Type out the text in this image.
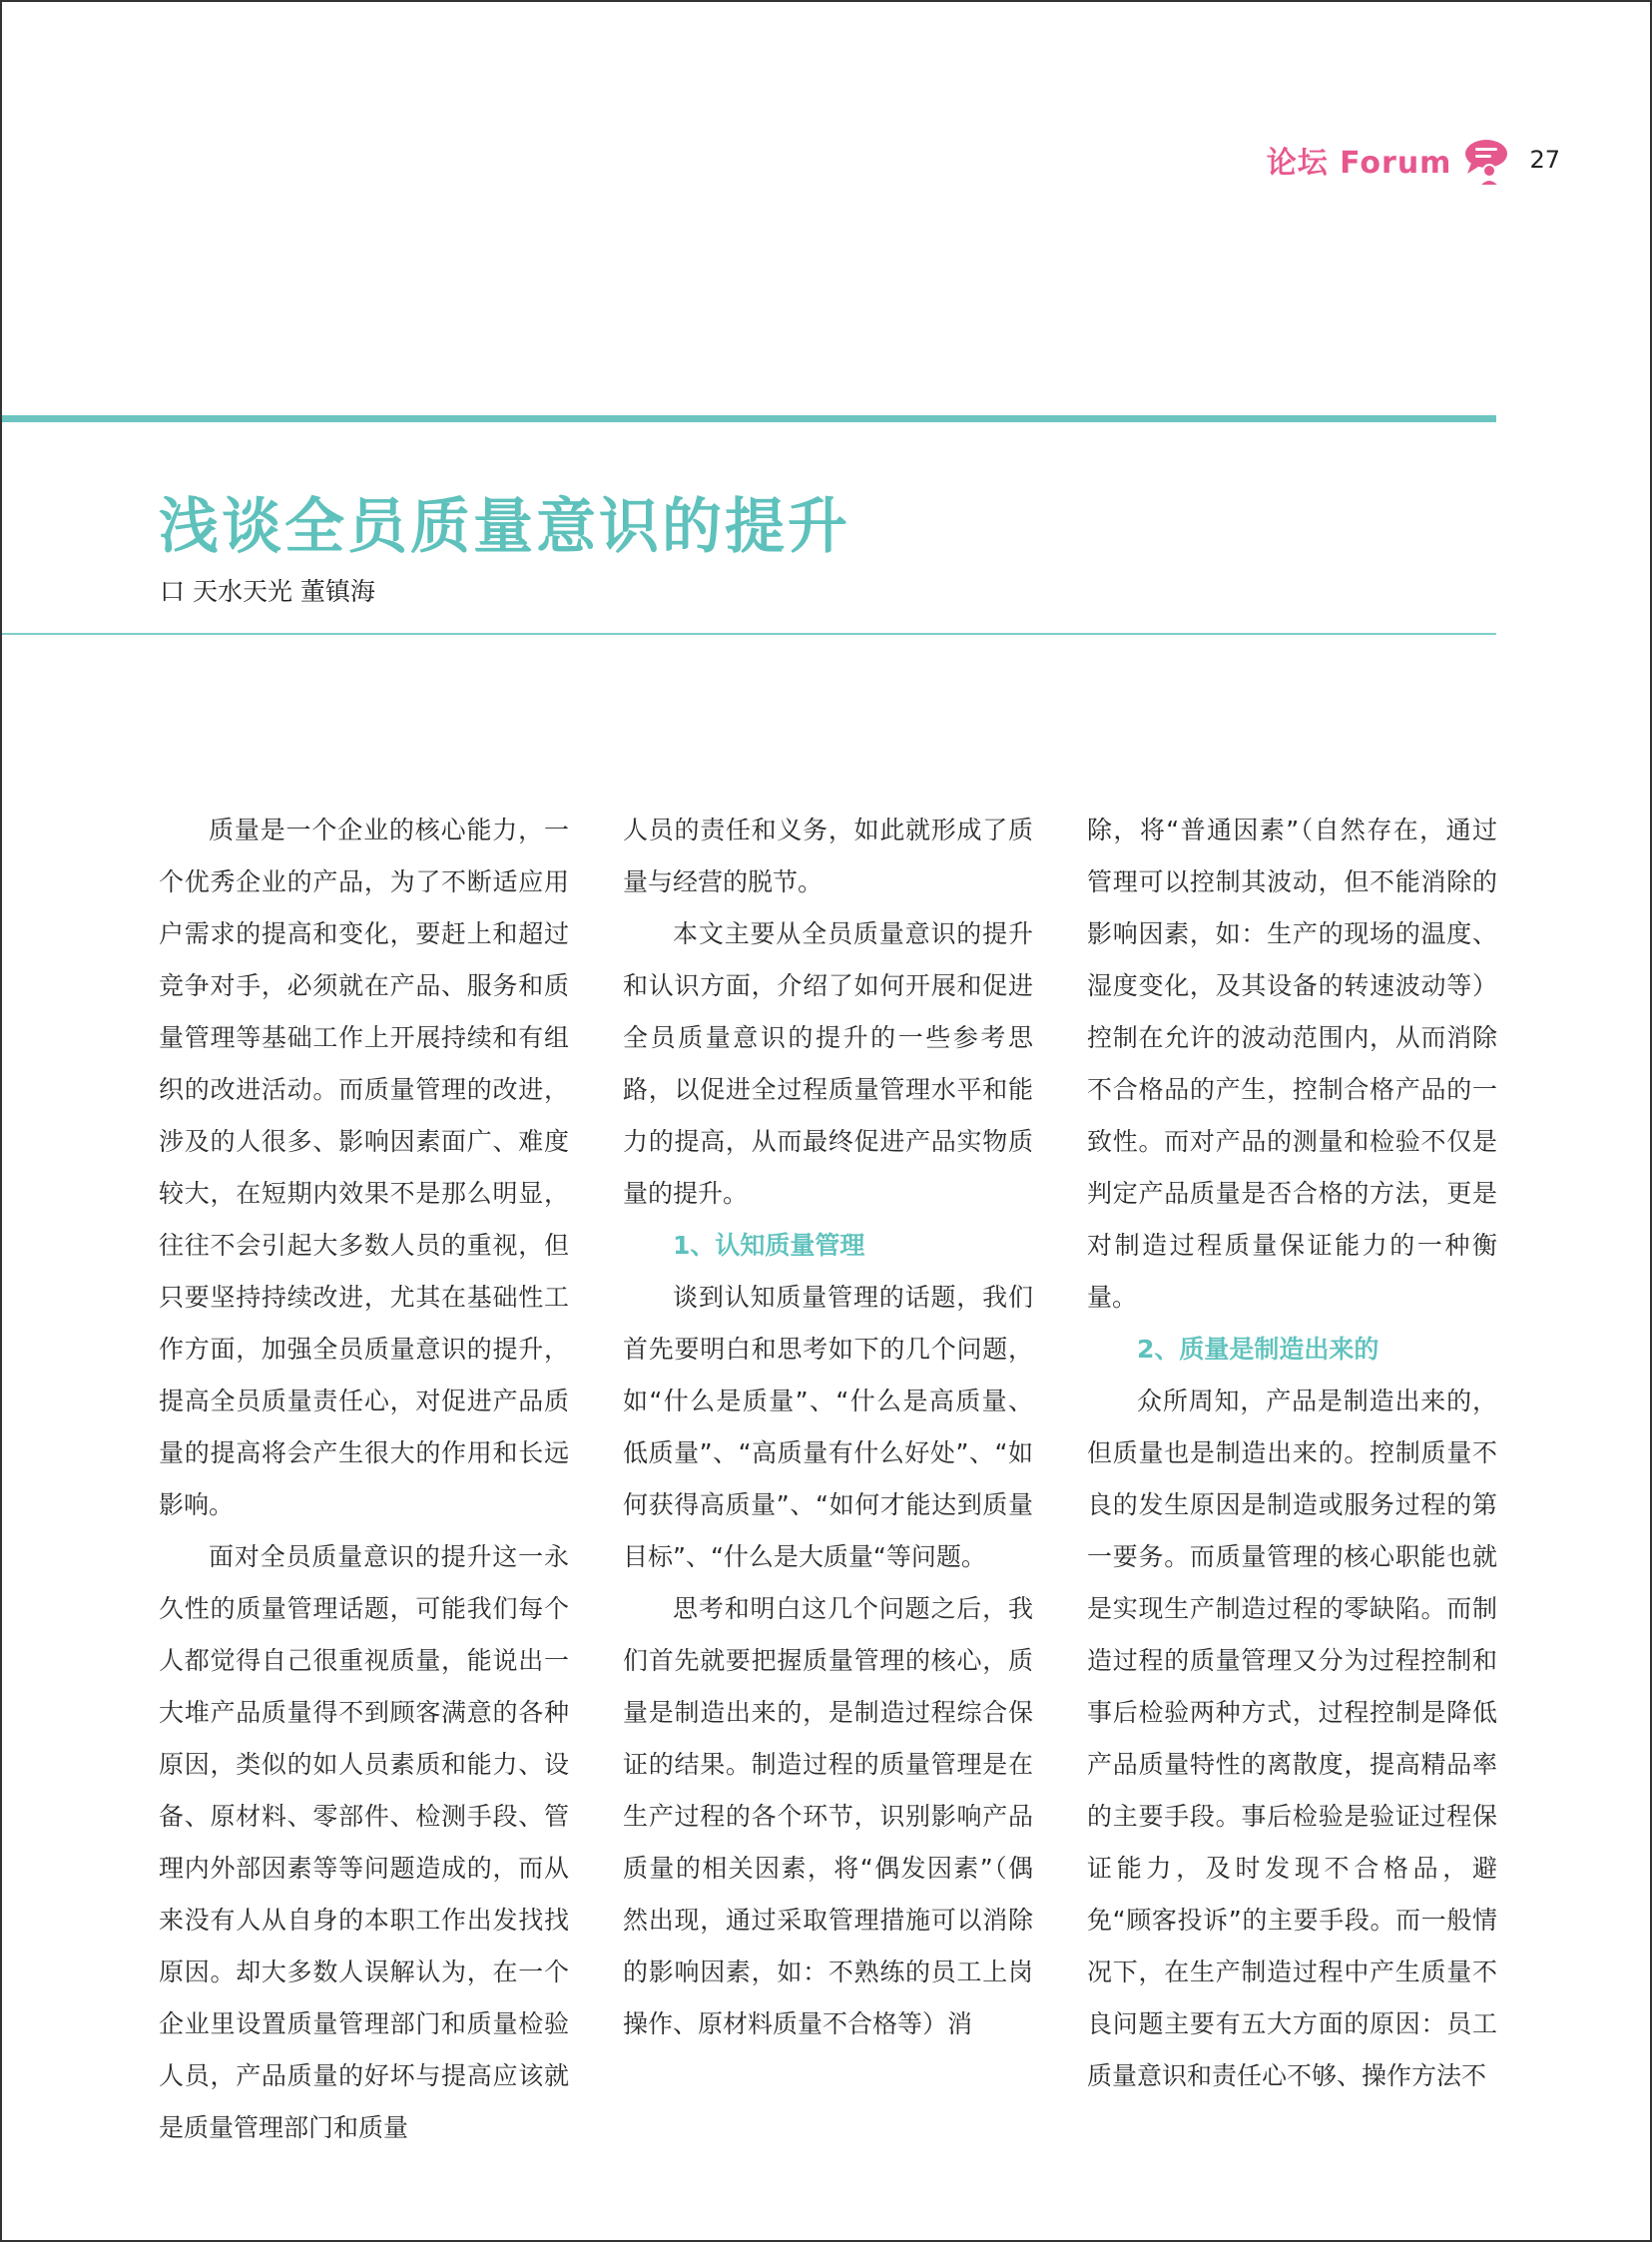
论坛 Forum	27
浅谈全员质量意识的提升
口 天水天光 董镇海

质量是一个企业的核心能力，一个优秀企业的产品，为了不断适应用户需求的提高和变化，要赶上和超过竞争对手，必须就在产品、服务和质量管理等基础工作上开展持续和有组织的改进活动。而质量管理的改进，涉及的人很多、影响因素面广、难度较大，在短期内效果不是那么明显，往往不会引起大多数人员的重视，但只要坚持持续改进，尤其在基础性工作方面，加强全员质量意识的提升，提高全员质量责任心，对促进产品质量的提高将会产生很大的作用和长远影响。

面对全员质量意识的提升这一永久性的质量管理话题，可能我们每个人都觉得自己很重视质量，能说出一大堆产品质量得不到顾客满意的各种原因，类似的如人员素质和能力、设备、原材料、零部件、检测手段、管理内外部因素等等问题造成的，而从来没有人从自身的本职工作出发找找原因。却大多数人误解认为，在一个企业里设置质量管理部门和质量检验人员，产品质量的好坏与提高应该就是质量管理部门和质量

人员的责任和义务，如此就形成了质量与经营的脱节。

本文主要从全员质量意识的提升和认识方面，介绍了如何开展和促进全员质量意识的提升的一些参考思路，以促进全过程质量管理水平和能力的提高，从而最终促进产品实物质量的提升。

1、认知质量管理

谈到认知质量管理的话题，我们首先要明白和思考如下的几个问题，如“什么是质量”、“什么是高质量、低质量”、“高质量有什么好处”、“如何获得高质量”、“如何才能达到质量目标”、“什么是大质量“等问题。

思考和明白这几个问题之后，我们首先就要把握质量管理的核心，质量是制造出来的，是制造过程综合保证的结果。制造过程的质量管理是在生产过程的各个环节，识别影响产品质量的相关因素，将“偶发因素”（偶然出现，通过采取管理措施可以消除的影响因素，如：不熟练的员工上岗操作、原材料质量不合格等）消

除，将“普通因素”（自然存在，通过管理可以控制其波动，但不能消除的影响因素，如：生产的现场的温度、湿度变化，及其设备的转速波动等）控制在允许的波动范围内，从而消除不合格品的产生，控制合格产品的一致性。而对产品的测量和检验不仅是判定产品质量是否合格的方法，更是对制造过程质量保证能力的一种衡量。

2、质量是制造出来的

众所周知，产品是制造出来的，但质量也是制造出来的。控制质量不良的发生原因是制造或服务过程的第一要务。而质量管理的核心职能也就是实现生产制造过程的零缺陷。而制造过程的质量管理又分为过程控制和事后检验两种方式，过程控制是降低产品质量特性的离散度，提高精品率的主要手段。事后检验是验证过程保证能力，及时发现不合格品，避免“顾客投诉”的主要手段。而一般情况下，在生产制造过程中产生质量不良问题主要有五大方面的原因：员工质量意识和责任心不够、操作方法不
